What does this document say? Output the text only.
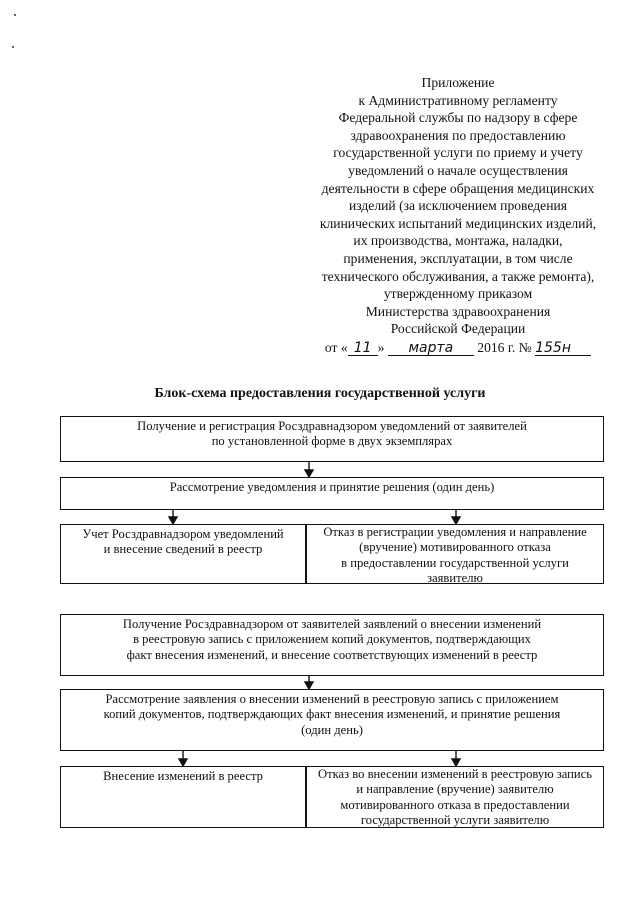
Приложение
к Административному регламенту
Федеральной службы по надзору в сфере
здравоохранения по предоставлению
государственной услуги по приему и учету
уведомлений о начале осуществления
деятельности в сфере обращения медицинских
изделий (за исключением проведения
клинических испытаний медицинских изделий,
их производства, монтажа, наладки,
применения, эксплуатации, в том числе
технического обслуживания, а также ремонта),
утвержденному приказом
Министерства здравоохранения
Российской Федерации
от « 11 » марта 2016 г. № 155н
Блок-схема предоставления государственной услуги
Получение и регистрация Росздравнадзором уведомлений от заявителей
по установленной форме в двух экземплярах
Рассмотрение уведомления и принятие решения (один день)
Учет Росздравнадзором уведомлений
и внесение сведений в реестр
Отказ в регистрации уведомления и направление
(вручение) мотивированного отказа
в предоставлении государственной услуги
заявителю
Получение Росздравнадзором от заявителей заявлений о внесении изменений
в реестровую запись с приложением копий документов, подтверждающих
факт внесения изменений, и внесение соответствующих изменений в реестр
Рассмотрение заявления о внесении изменений в реестровую запись с приложением
копий документов, подтверждающих факт внесения изменений, и принятие решения
(один день)
Внесение изменений в реестр	Отказ во внесении изменений в реестровую запись
и направление (вручение) заявителю
мотивированного отказа в предоставлении
государственной услуги заявителю
